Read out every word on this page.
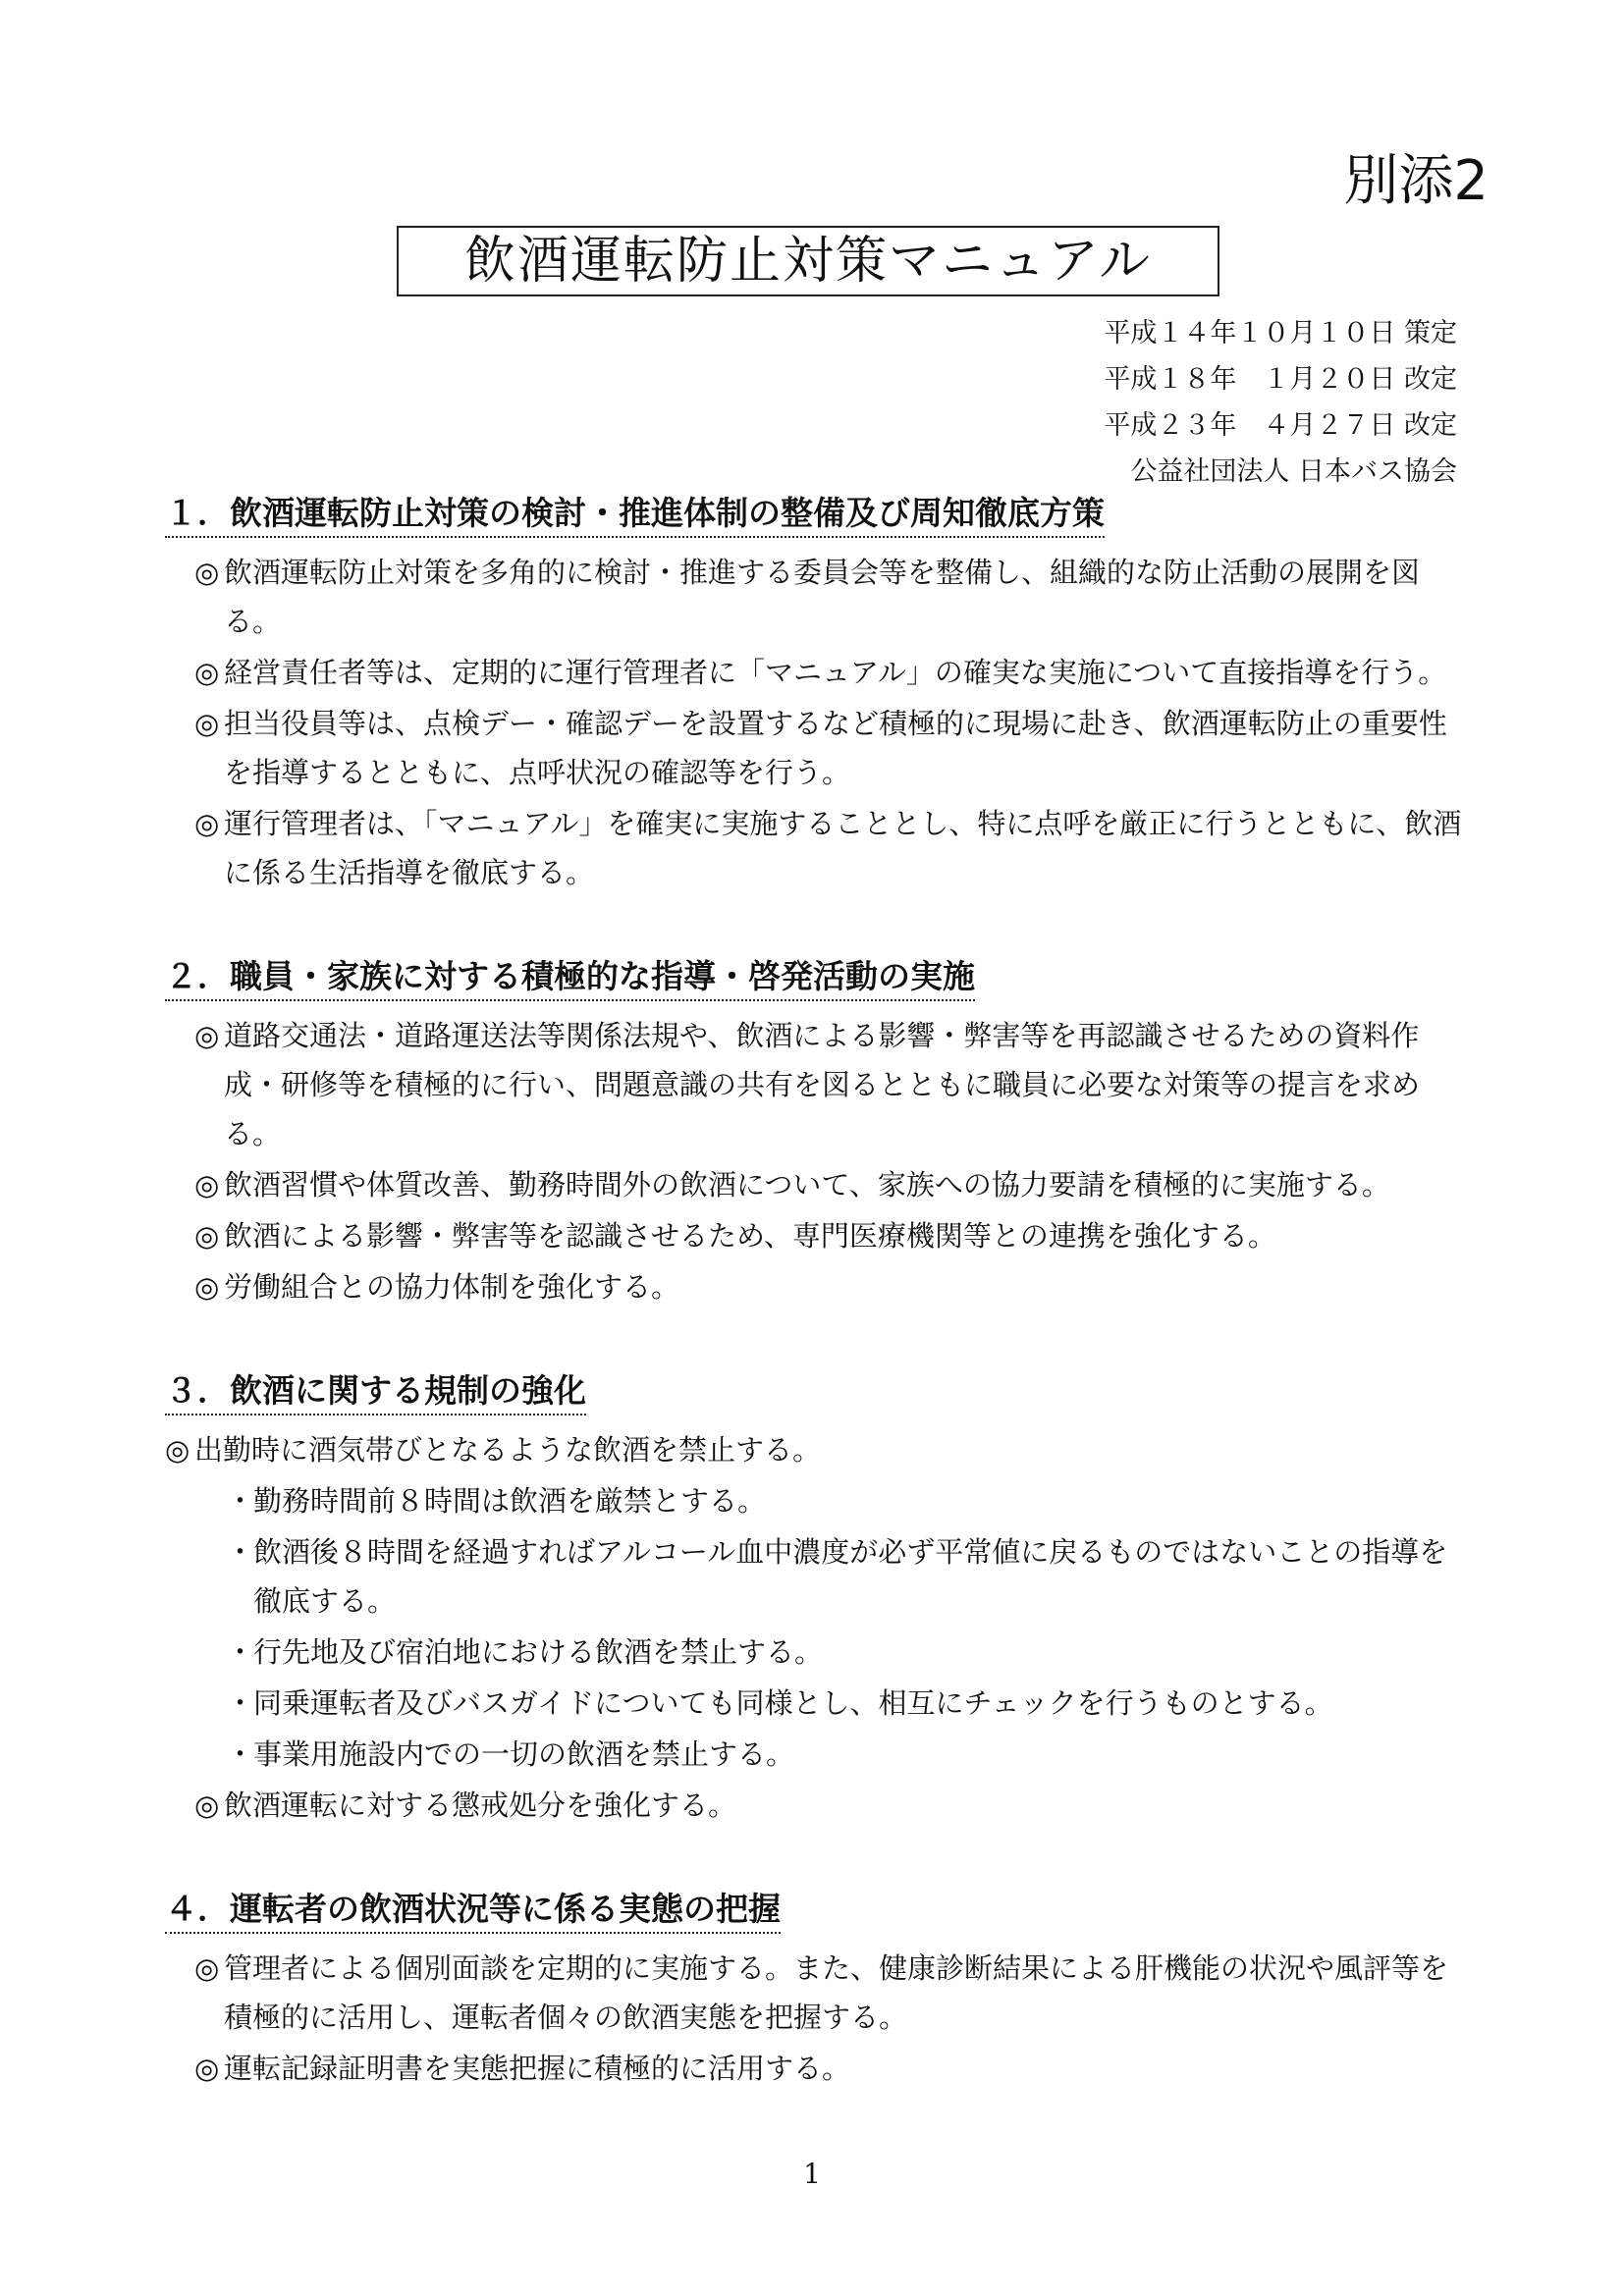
別添2
飲酒運転防止対策マニュアル
平成１４年１０月１０日 策定
平成１８年　１月２０日 改定
平成２３年　４月２７日 改定
公益社団法人 日本バス協会
１．飲酒運転防止対策の検討・推進体制の整備及び周知徹底方策
◎ 飲酒運転防止対策を多角的に検討・推進する委員会等を整備し、組織的な防止活動の展開を図る。
◎ 経営責任者等は、定期的に運行管理者に「マニュアル」の確実な実施について直接指導を行う。
◎ 担当役員等は、点検デー・確認デーを設置するなど積極的に現場に赴き、飲酒運転防止の重要性を指導するとともに、点呼状況の確認等を行う。
◎ 運行管理者は、「マニュアル」を確実に実施することとし、特に点呼を厳正に行うとともに、飲酒に係る生活指導を徹底する。
２．職員・家族に対する積極的な指導・啓発活動の実施
◎ 道路交通法・道路運送法等関係法規や、飲酒による影響・弊害等を再認識させるための資料作成・研修等を積極的に行い、問題意識の共有を図るとともに職員に必要な対策等の提言を求める。
◎ 飲酒習慣や体質改善、勤務時間外の飲酒について、家族への協力要請を積極的に実施する。
◎ 飲酒による影響・弊害等を認識させるため、専門医療機関等との連携を強化する。
◎ 労働組合との協力体制を強化する。
３．飲酒に関する規制の強化
◎ 出勤時に酒気帯びとなるような飲酒を禁止する。
・
勤務時間前８時間は飲酒を厳禁とする。
・
飲酒後８時間を経過すればアルコール血中濃度が必ず平常値に戻るものではないことの指導を徹底する。
・
行先地及び宿泊地における飲酒を禁止する。
・
同乗運転者及びバスガイドについても同様とし、相互にチェックを行うものとする。
・
事業用施設内での一切の飲酒を禁止する。
◎ 飲酒運転に対する懲戒処分を強化する。
４．運転者の飲酒状況等に係る実態の把握
◎ 管理者による個別面談を定期的に実施する。また、健康診断結果による肝機能の状況や風評等を積極的に活用し、運転者個々の飲酒実態を把握する。
◎ 運転記録証明書を実態把握に積極的に活用する。
1
